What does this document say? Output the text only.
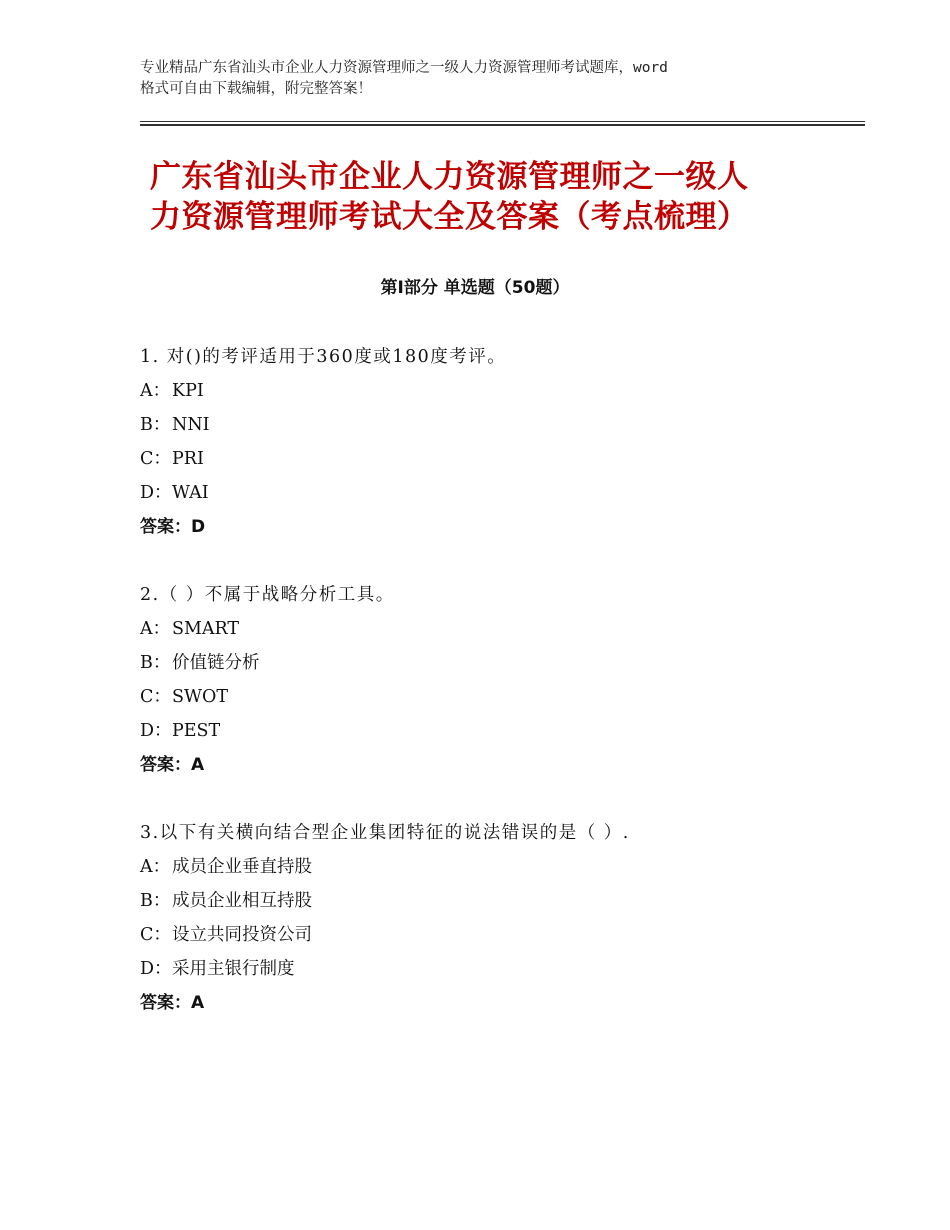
专业精品广东省汕头市企业人力资源管理师之一级人力资源管理师考试题库，word
格式可自由下载编辑，附完整答案！
广东省汕头市企业人力资源管理师之一级人
力资源管理师考试大全及答案（考点梳理）
第Ⅰ部分 单选题（50题）
1. 对()的考评适用于360度或180度考评。
A： KPI
B：NNI
C：PRI
D：WAI
答案：D
2.（ ）不属于战略分析工具。
A： SMART
B：价值链分析
C：SWOT
D：PEST
答案：A
3.以下有关横向结合型企业集团特征的说法错误的是（ ）.
A： 成员企业垂直持股
B：成员企业相互持股
C：设立共同投资公司
D：采用主银行制度
答案：A
